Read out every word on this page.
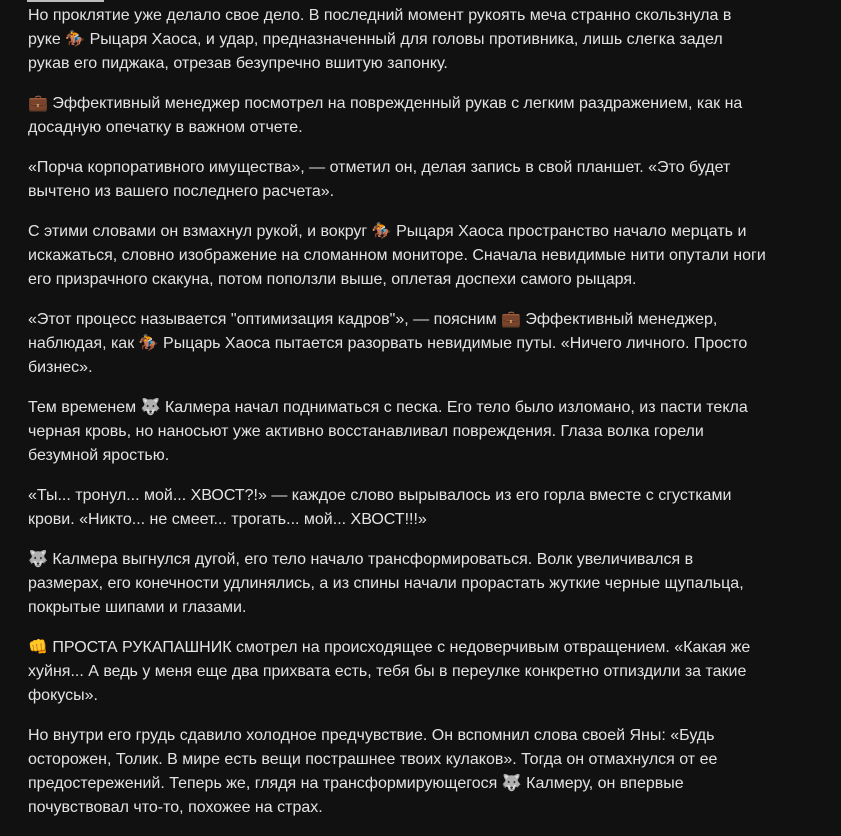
Но проклятие уже делало свое дело. В последний момент рукоять меча странно скользнула в руке 🏇 Рыцаря Хаоса, и удар, предназначенный для головы противника, лишь слегка задел рукав его пиджака, отрезав безупречно вшитую запонку.

💼 Эффективный менеджер посмотрел на поврежденный рукав с легким раздражением, как на досадную опечатку в важном отчете.

«Порча корпоративного имущества», — отметил он, делая запись в свой планшет. «Это будет вычтено из вашего последнего расчета».

С этими словами он взмахнул рукой, и вокруг 🏇 Рыцаря Хаоса пространство начало мерцать и искажаться, словно изображение на сломанном мониторе. Сначала невидимые нити опутали ноги его призрачного скакуна, потом поползли выше, оплетая доспехи самого рыцаря.

«Этот процесс называется "оптимизация кадров"», — поясним 💼 Эффективный менеджер, наблюдая, как 🏇 Рыцарь Хаоса пытается разорвать невидимые путы. «Ничего личного. Просто бизнес».

Тем временем 🐺 Калмера начал подниматься с песка. Его тело было изломано, из пасти текла черная кровь, но наносьют уже активно восстанавливал повреждения. Глаза волка горели безумной яростью.

«Ты... тронул... мой... ХВОСТ?!» — каждое слово вырывалось из его горла вместе с сгустками крови. «Никто... не смеет... трогать... мой... ХВОСТ!!!»

🐺 Калмера выгнулся дугой, его тело начало трансформироваться. Волк увеличивался в размерах, его конечности удлинялись, а из спины начали прорастать жуткие черные щупальца, покрытые шипами и глазами.

👊 ПРОСТА РУКАПАШНИК смотрел на происходящее с недоверчивым отвращением. «Какая же хуйня... А ведь у меня еще два прихвата есть, тебя бы в переулке конкретно отпиздили за такие фокусы».

Но внутри его грудь сдавило холодное предчувствие. Он вспомнил слова своей Яны: «Будь осторожен, Толик. В мире есть вещи пострашнее твоих кулаков». Тогда он отмахнулся от ее предостережений. Теперь же, глядя на трансформирующегося 🐺 Калмеру, он впервые почувствовал что-то, похожее на страх.
